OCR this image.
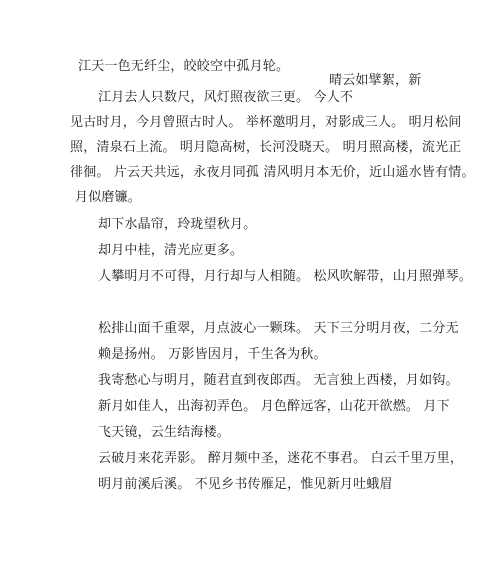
江天一色无纤尘，皎皎空中孤月轮。
晴云如擘絮，新
江月去人只数尺，风灯照夜欲三更。 今人不
见古时月，今月曾照古时人。 举杯邀明月，对影成三人。 明月松间
照，清泉石上流。 明月隐高树，长河没晓天。 明月照高楼，流光正
徘徊。 片云天共远，永夜月同孤 清风明月本无价，近山遥水皆有情。
月似磨镰。
却下水晶帘，玲珑望秋月。
却月中桂，清光应更多。
人攀明月不可得，月行却与人相随。 松风吹解带，山月照弹琴。
松排山面千重翠，月点波心一颗珠。 天下三分明月夜，二分无
赖是扬州。 万影皆因月，千生各为秋。
我寄愁心与明月，随君直到夜郎西。 无言独上西楼，月如钩。
新月如佳人，出海初弄色。 月色醉远客，山花开欲燃。 月下
飞天镜，云生结海楼。
云破月来花弄影。 醉月频中圣，迷花不事君。 白云千里万里，
明月前溪后溪。 不见乡书传雁足，惟见新月吐蛾眉
